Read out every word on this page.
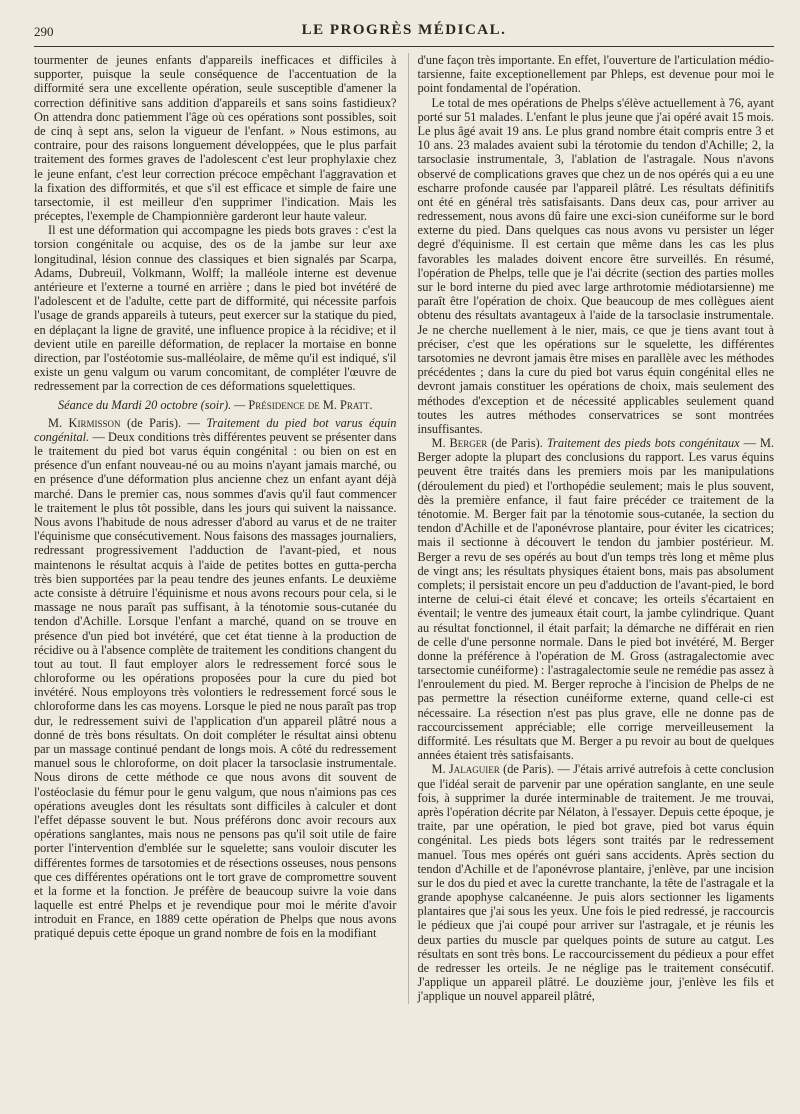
290	LE PROGRÈS MÉDICAL.

tourmenter de jeunes enfants d'appareils inefficaces et difficiles à supporter, puisque la seule conséquence de l'accentuation de la difformité sera une excellente opération, seule susceptible d'amener la correction définitive sans addition d'appareils et sans soins fastidieux? On attendra donc patiemment l'âge où ces opérations sont possibles, soit de cinq à sept ans, selon la vigueur de l'enfant. » Nous estimons, au contraire, pour des raisons longuement développées, que le plus parfait traitement des formes graves de l'adolescent c'est leur prophylaxie chez le jeune enfant, c'est leur correction précoce empêchant l'aggravation et la fixation des difformités, et que s'il est efficace et simple de faire une tarsectomie, il est meilleur d'en supprimer l'indication. Mais les préceptes, l'exemple de Championnière garderont leur haute valeur.

Il est une déformation qui accompagne les pieds bots graves : c'est la torsion congénitale ou acquise, des os de la jambe sur leur axe longitudinal, lésion connue des classiques et bien signalés par Scarpa, Adams, Dubreuil, Volkmann, Wolff; la malléole interne est devenue antérieure et l'externe a tourné en arrière ; dans le pied bot invétéré de l'adolescent et de l'adulte, cette part de difformité, qui nécessite parfois l'usage de grands appareils à tuteurs, peut exercer sur la statique du pied, en déplaçant la ligne de gravité, une influence propice à la récidive; et il devient utile en pareille déformation, de replacer la mortaise en bonne direction, par l'ostéotomie sus-malléolaire, de même qu'il est indiqué, s'il existe un genu valgum ou varum concomitant, de compléter l'œuvre de redressement par la correction de ces déformations squelettiques.

Séance du Mardi 20 octobre (soir). — Présidence de M. Pratt.

M. Kirmisson (de Paris). — Traitement du pied bot varus équin congénital. — Deux conditions très différentes peuvent se présenter dans le traitement du pied bot varus équin congénital : ou bien on est en présence d'un enfant nouveau-né ou au moins n'ayant jamais marché, ou en présence d'une déformation plus ancienne chez un enfant ayant déjà marché. Dans le premier cas, nous sommes d'avis qu'il faut commencer le traitement le plus tôt possible, dans les jours qui suivent la naissance. Nous avons l'habitude de nous adresser d'abord au varus et de ne traiter l'équinisme que consécutivement. Nous faisons des massages journaliers, redressant progressivement l'adduction de l'avant-pied, et nous maintenons le résultat acquis à l'aide de petites bottes en gutta-percha très bien supportées par la peau tendre des jeunes enfants. Le deuxième acte consiste à détruire l'équinisme et nous avons recours pour cela, si le massage ne nous paraît pas suffisant, à la ténotomie sous-cutanée du tendon d'Achille. Lorsque l'enfant a marché, quand on se trouve en présence d'un pied bot invétéré, que cet état tienne à la production de récidive ou à l'absence complète de traitement les conditions changent du tout au tout. Il faut employer alors le redressement forcé sous le chloroforme ou les opérations proposées pour la cure du pied bot invétéré. Nous employons très volontiers le redressement forcé sous le chloroforme dans les cas moyens. Lorsque le pied ne nous paraît pas trop dur, le redressement suivi de l'application d'un appareil plâtré nous a donné de très bons résultats. On doit compléter le résultat ainsi obtenu par un massage continué pendant de longs mois. A côté du redressement manuel sous le chloroforme, on doit placer la tarsoclasie instrumentale. Nous dirons de cette méthode ce que nous avons dit souvent de l'ostéoclasie du fémur pour le genu valgum, que nous n'aimions pas ces opérations aveugles dont les résultats sont difficiles à calculer et dont l'effet dépasse souvent le but. Nous préférons donc avoir recours aux opérations sanglantes, mais nous ne pensons pas qu'il soit utile de faire porter l'intervention d'emblée sur le squelette; sans vouloir discuter les différentes formes de tarsotomies et de résections osseuses, nous pensons que ces différentes opérations ont le tort grave de compromettre souvent et la forme et la fonction. Je préfère de beaucoup suivre la voie dans laquelle est entré Phelps et je revendique pour moi le mérite d'avoir introduit en France, en 1889 cette opération de Phelps que nous avons pratiqué depuis cette époque un grand nombre de fois en la modifiant

d'une façon très importante. En effet, l'ouverture de l'articulation médio-tarsienne, faite exceptionellement par Phleps, est devenue pour moi le point fondamental de l'opération.

Le total de mes opérations de Phelps s'élève actuellement à 76, ayant porté sur 51 malades. L'enfant le plus jeune que j'ai opéré avait 15 mois. Le plus âgé avait 19 ans. Le plus grand nombre était compris entre 3 et 10 ans. 23 malades avaient subi la térotomie du tendon d'Achille; 2, la tarsoclasie instrumentale, 3, l'ablation de l'astragale. Nous n'avons observé de complications graves que chez un de nos opérés qui a eu une escharre profonde causée par l'appareil plâtré. Les résultats définitifs ont été en général très satisfaisants. Dans deux cas, pour arriver au redressement, nous avons dû faire une exci-sion cunéiforme sur le bord externe du pied. Dans quelques cas nous avons vu persister un léger degré d'équinisme. Il est certain que même dans les cas les plus favorables les malades doivent encore être surveillés. En résumé, l'opération de Phelps, telle que je l'ai décrite (section des parties molles sur le bord interne du pied avec large arthrotomie médiotarsienne) me paraît être l'opération de choix. Que beaucoup de mes collègues aient obtenu des résultats avantageux à l'aide de la tarsoclasie instrumentale. Je ne cherche nuellement à le nier, mais, ce que je tiens avant tout à préciser, c'est que les opérations sur le squelette, les différentes tarsotomies ne devront jamais être mises en parallèle avec les méthodes précédentes ; dans la cure du pied bot varus équin congénital elles ne devront jamais constituer les opérations de choix, mais seulement des méthodes d'exception et de nécessité applicables seulement quand toutes les autres méthodes conservatrices se sont montrées insuffisantes.

M. Berger (de Paris). Traitement des pieds bots congénitaux — M. Berger adopte la plupart des conclusions du rapport. Les varus équins peuvent être traités dans les premiers mois par les manipulations (déroulement du pied) et l'orthopédie seulement; mais le plus souvent, dès la première enfance, il faut faire précéder ce traitement de la ténotomie. M. Berger fait par la ténotomie sous-cutanée, la section du tendon d'Achille et de l'aponévrose plantaire, pour éviter les cicatrices; mais il sectionne à découvert le tendon du jambier postérieur. M. Berger a revu de ses opérés au bout d'un temps très long et même plus de vingt ans; les résultats physiques étaient bons, mais pas absolument complets; il persistait encore un peu d'adduction de l'avant-pied, le bord interne de celui-ci était élevé et concave; les orteils s'écartaient en éventail; le ventre des jumeaux était court, la jambe cylindrique. Quant au résultat fonctionnel, il était parfait; la démarche ne différait en rien de celle d'une personne normale. Dans le pied bot invétéré, M. Berger donne la préférence à l'opération de M. Gross (astragalectomie avec tarsectomie cunéiforme) : l'astragalectomie seule ne remédie pas assez à l'enroulement du pied. M. Berger reproche à l'incision de Phelps de ne pas permettre la résection cunéiforme externe, quand celle-ci est nécessaire. La résection n'est pas plus grave, elle ne donne pas de raccourcissement appréciable; elle corrige merveilleusement la difformité. Les résultats que M. Berger a pu revoir au bout de quelques années étaient très satisfaisants.

M. Jalaguier (de Paris). — J'étais arrivé autrefois à cette conclusion que l'idéal serait de parvenir par une opération sanglante, en une seule fois, à supprimer la durée interminable de traitement. Je me trouvai, après l'opération décrite par Nélaton, à l'essayer. Depuis cette époque, je traite, par une opération, le pied bot grave, pied bot varus équin congénital. Les pieds bots légers sont traités par le redressement manuel. Tous mes opérés ont guéri sans accidents. Après section du tendon d'Achille et de l'aponévrose plantaire, j'enlève, par une incision sur le dos du pied et avec la curette tranchante, la tête de l'astragale et la grande apophyse calcanéenne. Je puis alors sectionner les ligaments plantaires que j'ai sous les yeux. Une fois le pied redressé, je raccourcis le pédieux que j'ai coupé pour arriver sur l'astragale, et je réunis les deux parties du muscle par quelques points de suture au catgut. Les résultats en sont très bons. Le raccourcissement du pédieux a pour effet de redresser les orteils. Je ne néglige pas le traitement consécutif. J'applique un appareil plâtré. Le douzième jour, j'enlève les fils et j'applique un nouvel appareil plâtré,
